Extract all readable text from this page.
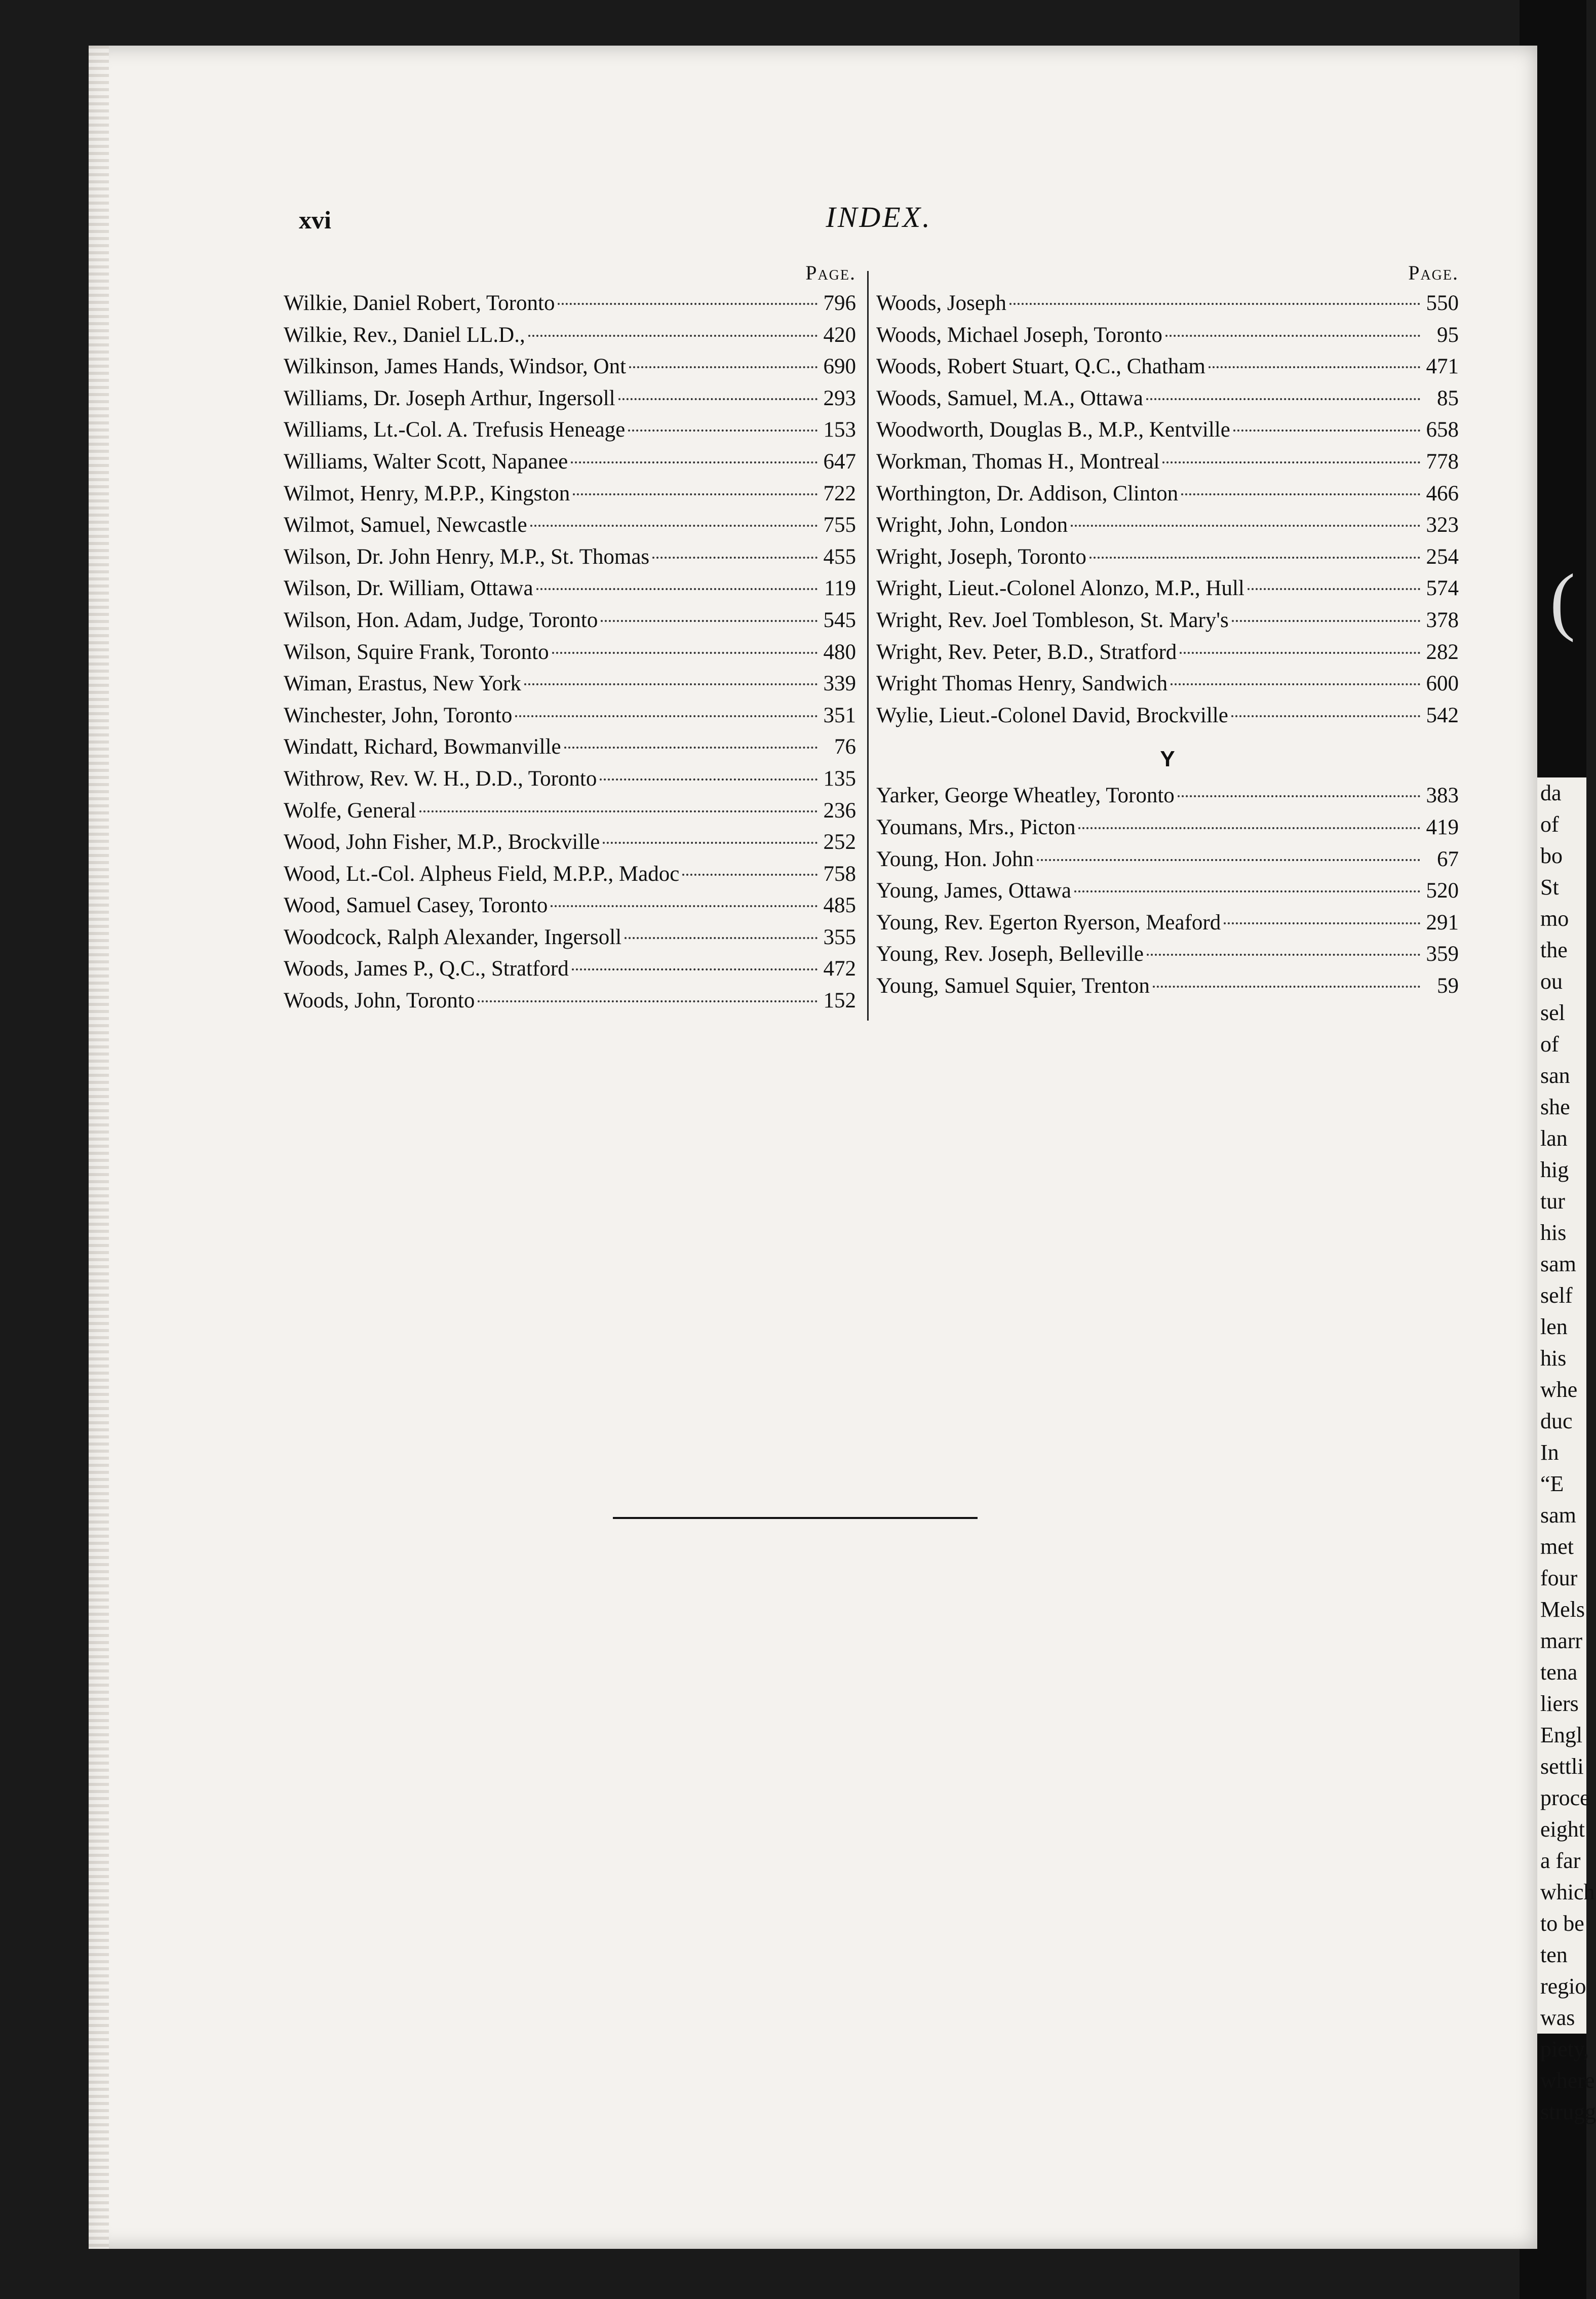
(
da
of
bo
St
mo
the
ou
sel
of
san
she
lan
hig
tur
his
sam
self
len
his
whe
duc
In
“E
sam
met
four
Mels
marr
tena
liers
Engl
settli
proce
eight
a far
which
to be
ten
regio
was
piety,
where
strugg
xvi	INDEX.
Page.
Wilkie, Daniel Robert, Toronto	796
Wilkie, Rev., Daniel LL.D.,	420
Wilkinson, James Hands, Windsor, Ont	690
Williams, Dr. Joseph Arthur, Ingersoll	293
Williams, Lt.-Col. A. Trefusis Heneage	153
Williams, Walter Scott, Napanee	647
Wilmot, Henry, M.P.P., Kingston	722
Wilmot, Samuel, Newcastle	755
Wilson, Dr. John Henry, M.P., St. Thomas	455
Wilson, Dr. William, Ottawa	119
Wilson, Hon. Adam, Judge, Toronto	545
Wilson, Squire Frank, Toronto	480
Wiman, Erastus, New York	339
Winchester, John, Toronto	351
Windatt, Richard, Bowmanville	76
Withrow, Rev. W. H., D.D., Toronto	135
Wolfe, General	236
Wood, John Fisher, M.P., Brockville	252
Wood, Lt.-Col. Alpheus Field, M.P.P., Madoc	758
Wood, Samuel Casey, Toronto	485
Woodcock, Ralph Alexander, Ingersoll	355
Woods, James P., Q.C., Stratford	472
Woods, John, Toronto	152
Page.
Woods, Joseph	550
Woods, Michael Joseph, Toronto	95
Woods, Robert Stuart, Q.C., Chatham	471
Woods, Samuel, M.A., Ottawa	85
Woodworth, Douglas B., M.P., Kentville	658
Workman, Thomas H., Montreal	778
Worthington, Dr. Addison, Clinton	466
Wright, John, London	323
Wright, Joseph, Toronto	254
Wright, Lieut.-Colonel Alonzo, M.P., Hull	574
Wright, Rev. Joel Tombleson, St. Mary's	378
Wright, Rev. Peter, B.D., Stratford	282
Wright Thomas Henry, Sandwich	600
Wylie, Lieut.-Colonel David, Brockville	542
Y
Yarker, George Wheatley, Toronto	383
Youmans, Mrs., Picton	419
Young, Hon. John	67
Young, James, Ottawa	520
Young, Rev. Egerton Ryerson, Meaford	291
Young, Rev. Joseph, Belleville	359
Young, Samuel Squier, Trenton	59
